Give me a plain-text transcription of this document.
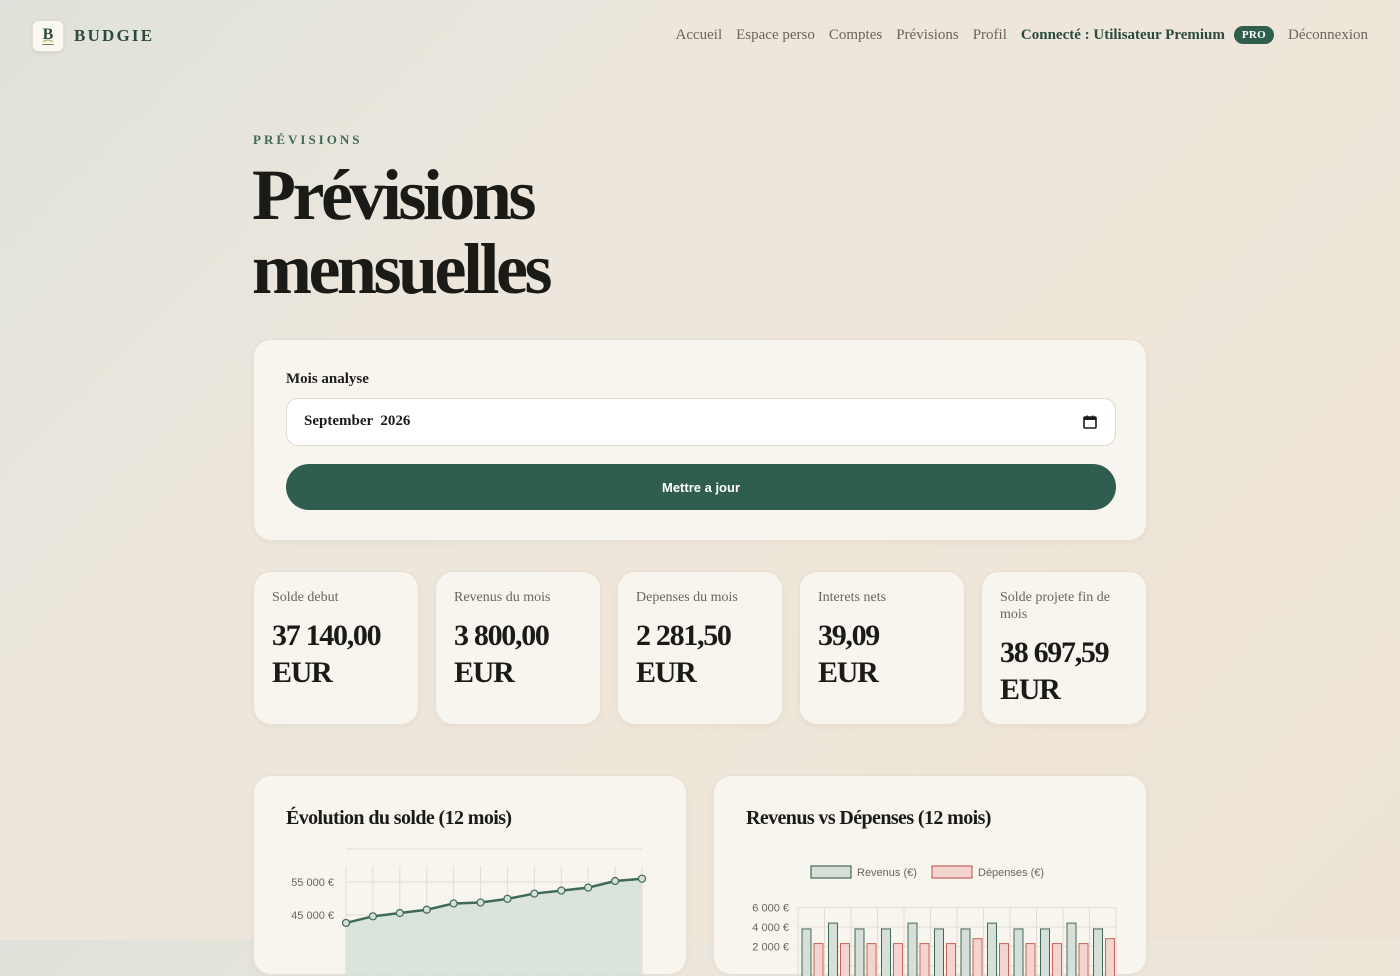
B BUDGIE	Accueil Espace perso Comptes Prévisions Profil Connecté : Utilisateur Premium	PRO	Déconnexion
PRÉVISIONS
Prévisions
mensuelles
Mois analyse
September  2026
Mettre a jour
Solde debut
37 140,00
EUR
Revenus du mois
3 800,00
EUR
Depenses du mois
2 281,50
EUR
Interets nets
39,09
EUR
Solde projete fin de mois
38 697,59
EUR
Évolution du solde (12 mois)
55 000 €
45 000 €
Revenus vs Dépenses (12 mois)
Revenus (€)	Dépenses (€)
6 000 €
4 000 €
2 000 €
